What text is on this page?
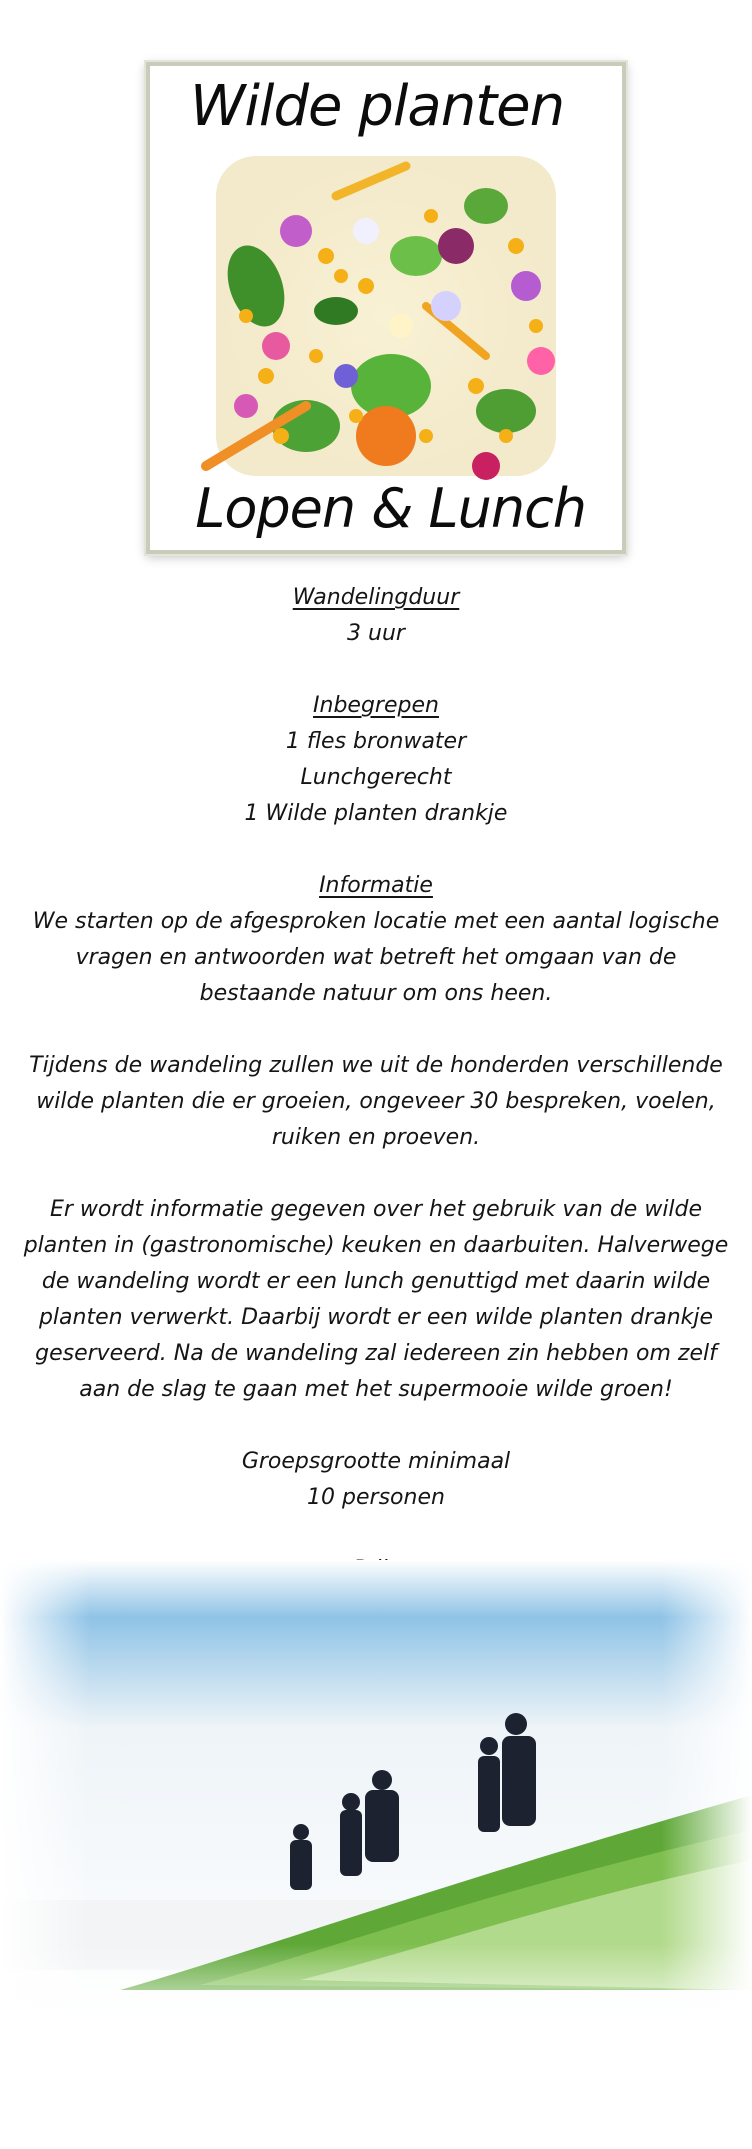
Wilde planten
Lopen & Lunch
Wandelingduur
3 uur
Inbegrepen
1 fles bronwater
Lunchgerecht
1 Wilde planten drankje
Informatie
We starten op de afgesproken locatie met een aantal logische vragen en antwoorden wat betreft het omgaan van de bestaande natuur om ons heen.
Tijdens de wandeling zullen we uit de honderden verschillende wilde planten die er groeien, ongeveer 30 bespreken, voelen, ruiken en proeven.
Er wordt informatie gegeven over het gebruik van de wilde planten in (gastronomische) keuken en daarbuiten. Halverwege de wandeling wordt er een lunch genuttigd met daarin wilde planten verwerkt. Daarbij wordt er een wilde planten drankje geserveerd. Na de wandeling zal iedereen zin hebben om zelf aan de slag te gaan met het supermooie wilde groen!
Groepsgrootte minimaal
10 personen
